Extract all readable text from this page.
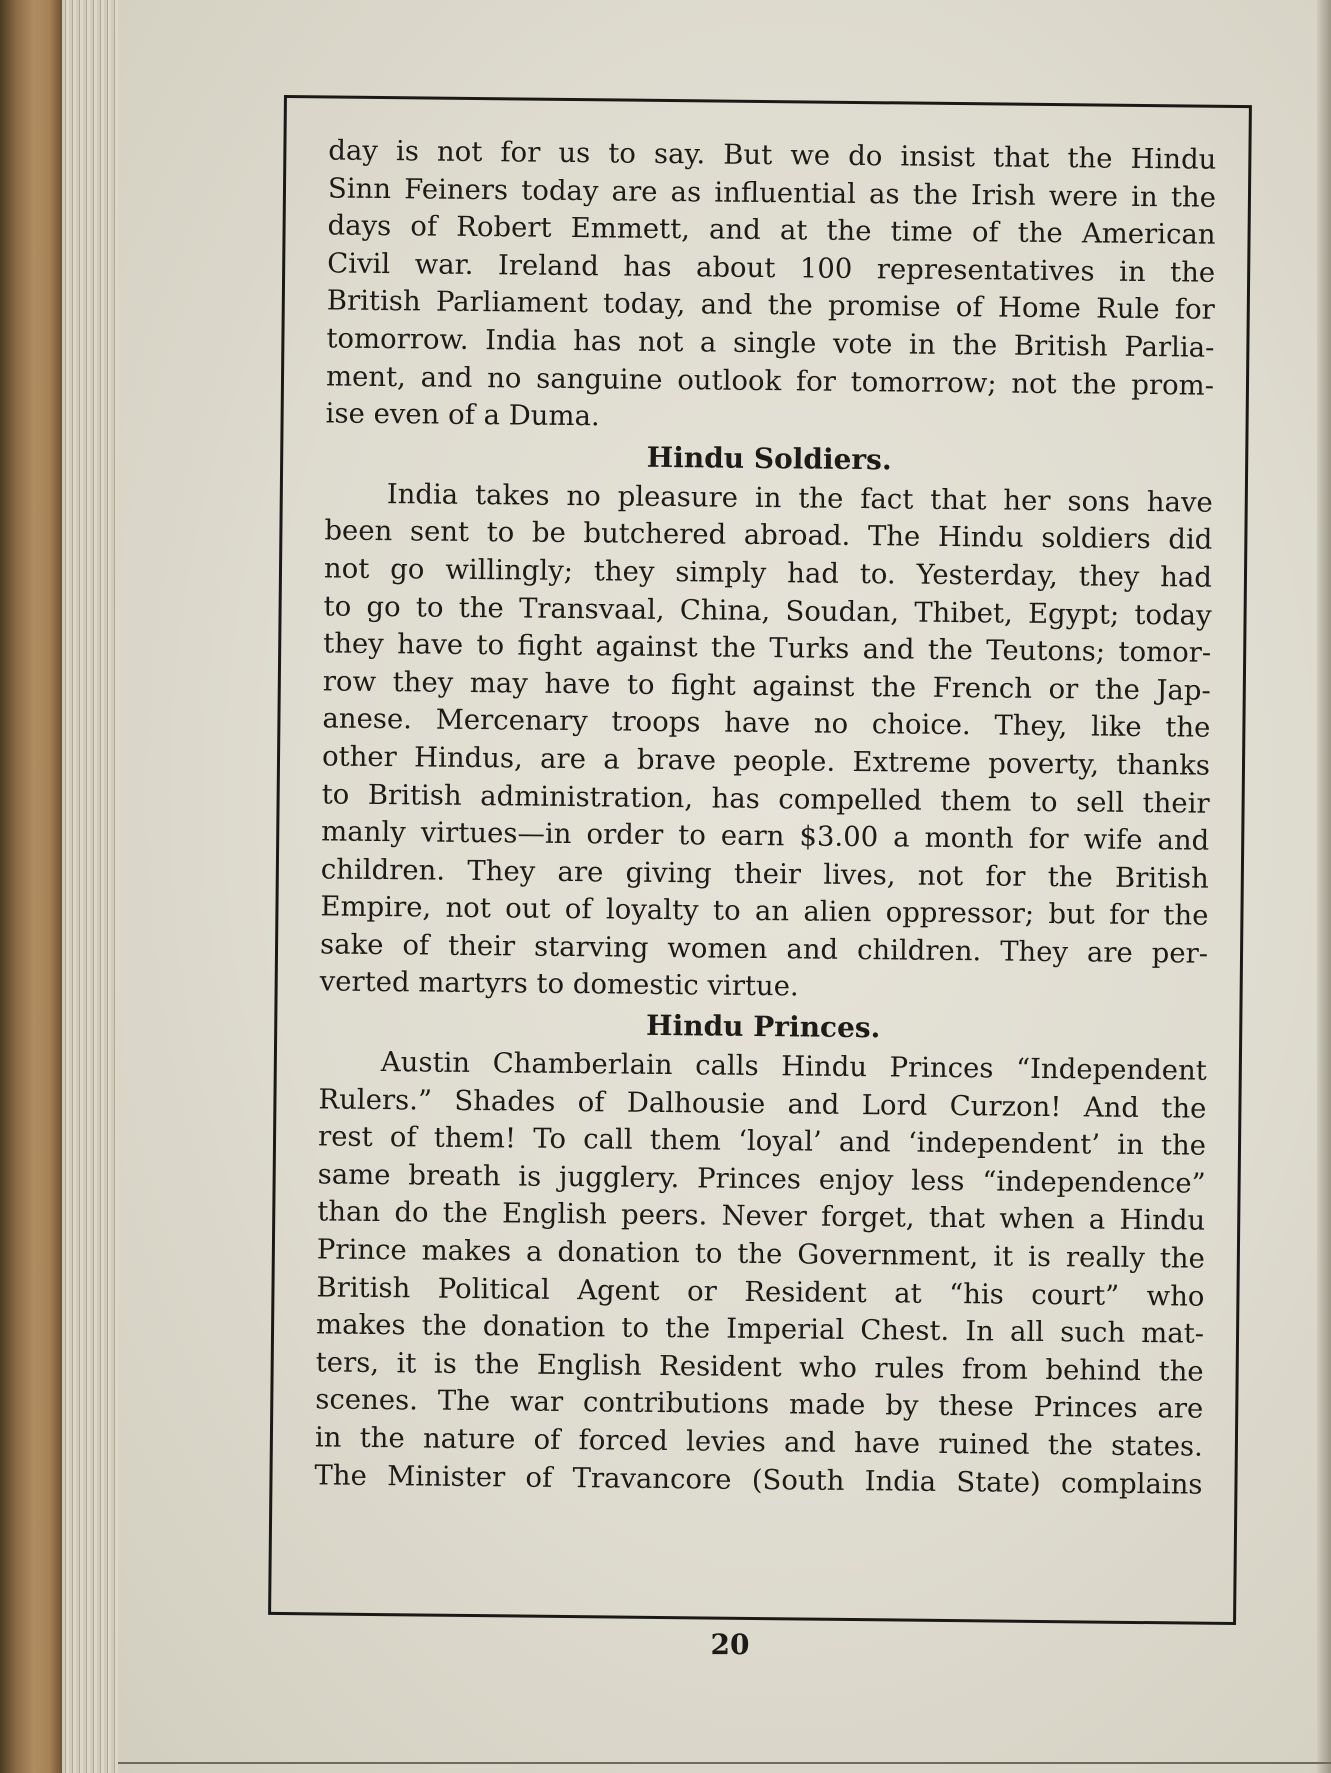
day is not for us to say. But we do insist that the Hindu
Sinn Feiners today are as influential as the Irish were in the
days of Robert Emmett, and at the time of the American
Civil war. Ireland has about 100 representatives in the
British Parliament today, and the promise of Home Rule for
tomorrow. India has not a single vote in the British Parlia-
ment, and no sanguine outlook for tomorrow; not the prom-
ise even of a Duma.

Hindu Soldiers.

India takes no pleasure in the fact that her sons have
been sent to be butchered abroad. The Hindu soldiers did
not go willingly; they simply had to. Yesterday, they had
to go to the Transvaal, China, Soudan, Thibet, Egypt; today
they have to fight against the Turks and the Teutons; tomor-
row they may have to fight against the French or the Jap-
anese. Mercenary troops have no choice. They, like the
other Hindus, are a brave people. Extreme poverty, thanks
to British administration, has compelled them to sell their
manly virtues—in order to earn $3.00 a month for wife and
children. They are giving their lives, not for the British
Empire, not out of loyalty to an alien oppressor; but for the
sake of their starving women and children. They are per-
verted martyrs to domestic virtue.

Hindu Princes.

Austin Chamberlain calls Hindu Princes “Independent
Rulers.” Shades of Dalhousie and Lord Curzon! And the
rest of them! To call them ‘loyal’ and ‘independent’ in the
same breath is jugglery. Princes enjoy less “independence”
than do the English peers. Never forget, that when a Hindu
Prince makes a donation to the Government, it is really the
British Political Agent or Resident at “his court” who
makes the donation to the Imperial Chest. In all such mat-
ters, it is the English Resident who rules from behind the
scenes. The war contributions made by these Princes are
in the nature of forced levies and have ruined the states.
The Minister of Travancore (South India State) complains

20
